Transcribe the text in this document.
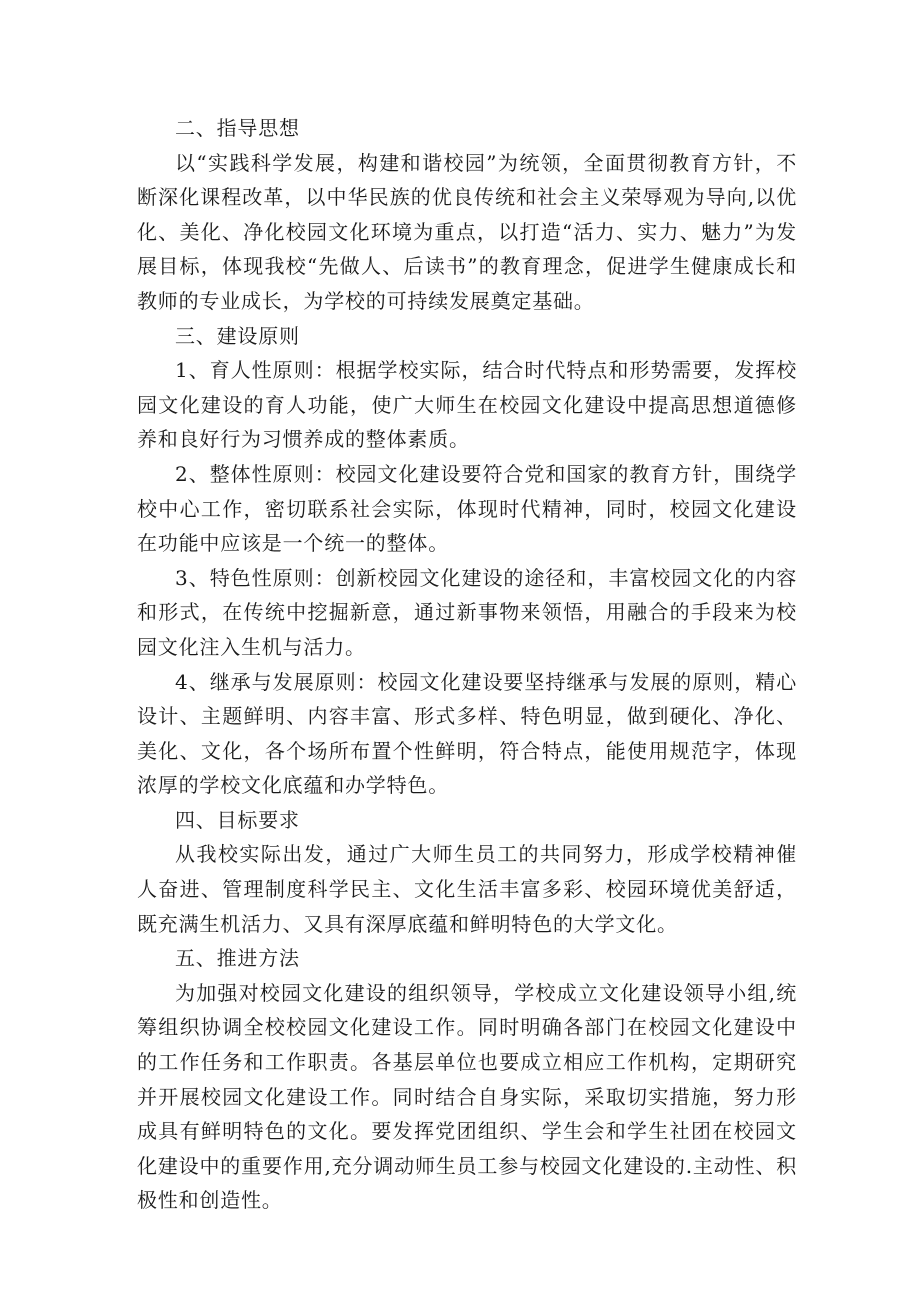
二、指导思想

以“实践科学发展，构建和谐校园”为统领，全面贯彻教育方针，不断深化课程改革，以中华民族的优良传统和社会主义荣辱观为导向,以优化、美化、净化校园文化环境为重点，以打造“活力、实力、魅力”为发展目标，体现我校“先做人、后读书”的教育理念，促进学生健康成长和教师的专业成长，为学校的可持续发展奠定基础。

三、建设原则

1、育人性原则：根据学校实际，结合时代特点和形势需要，发挥校园文化建设的育人功能，使广大师生在校园文化建设中提高思想道德修养和良好行为习惯养成的整体素质。

2、整体性原则：校园文化建设要符合党和国家的教育方针，围绕学校中心工作，密切联系社会实际，体现时代精神，同时，校园文化建设在功能中应该是一个统一的整体。

3、特色性原则：创新校园文化建设的途径和，丰富校园文化的内容和形式，在传统中挖掘新意，通过新事物来领悟，用融合的手段来为校园文化注入生机与活力。

4、继承与发展原则：校园文化建设要坚持继承与发展的原则，精心设计、主题鲜明、内容丰富、形式多样、特色明显，做到硬化、净化、美化、文化，各个场所布置个性鲜明，符合特点，能使用规范字，体现浓厚的学校文化底蕴和办学特色。

四、目标要求

从我校实际出发，通过广大师生员工的共同努力，形成学校精神催人奋进、管理制度科学民主、文化生活丰富多彩、校园环境优美舒适，既充满生机活力、又具有深厚底蕴和鲜明特色的大学文化。

五、推进方法

为加强对校园文化建设的组织领导，学校成立文化建设领导小组,统筹组织协调全校校园文化建设工作。同时明确各部门在校园文化建设中的工作任务和工作职责。各基层单位也要成立相应工作机构，定期研究并开展校园文化建设工作。同时结合自身实际，采取切实措施，努力形成具有鲜明特色的文化。要发挥党团组织、学生会和学生社团在校园文化建设中的重要作用,充分调动师生员工参与校园文化建设的.主动性、积极性和创造性。
